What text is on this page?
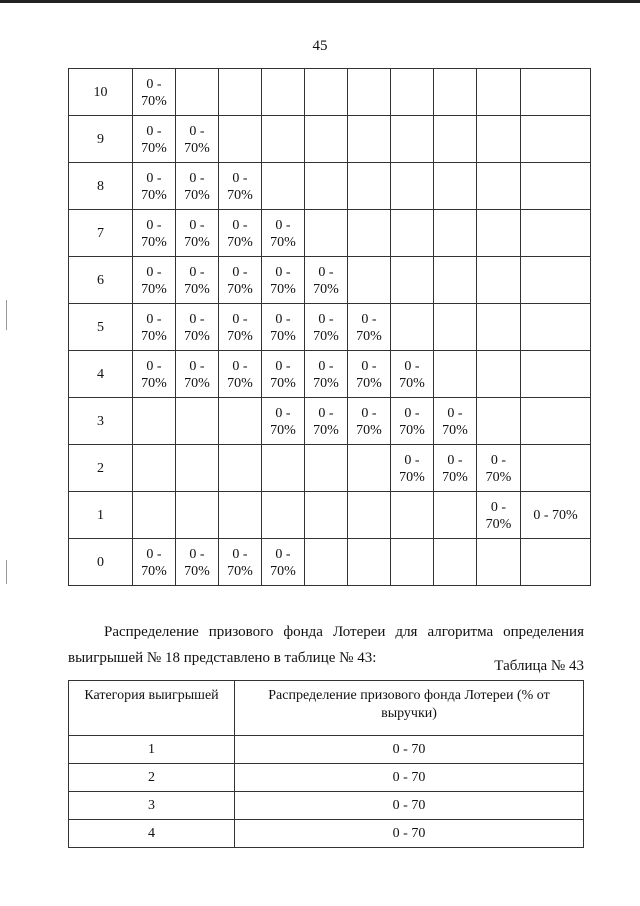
45
10	0 - 70%									
9	0 - 70%	0 - 70%								
8	0 - 70%	0 - 70%	0 - 70%							
7	0 - 70%	0 - 70%	0 - 70%	0 - 70%						
6	0 - 70%	0 - 70%	0 - 70%	0 - 70%	0 - 70%					
5	0 - 70%	0 - 70%	0 - 70%	0 - 70%	0 - 70%	0 - 70%				
4	0 - 70%	0 - 70%	0 - 70%	0 - 70%	0 - 70%	0 - 70%	0 - 70%			
3				0 - 70%	0 - 70%	0 - 70%	0 - 70%	0 - 70%		
2							0 - 70%	0 - 70%	0 - 70%	
1									0 - 70%	0 - 70%
0	0 - 70%	0 - 70%	0 - 70%	0 - 70%						

Распределение призового фонда Лотереи для алгоритма определения выигрышей № 18 представлено в таблице № 43:	Таблица № 43
Категория выигрышей	Распределение призового фонда Лотереи (% от выручки)
1	0 - 70
2	0 - 70
3	0 - 70
4	0 - 70
